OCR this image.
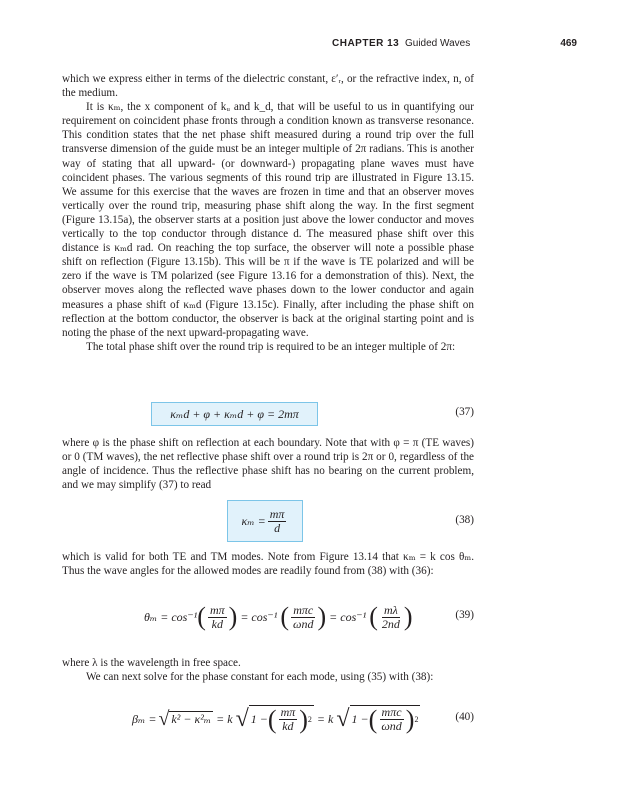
CHAPTER 13 Guided Waves	469

which we express either in terms of the dielectric constant, ε′ᵣ, or the refractive index, n, of the medium.

It is κₘ, the x component of kᵤ and k_d, that will be useful to us in quantifying our requirement on coincident phase fronts through a condition known as transverse resonance. This condition states that the net phase shift measured during a round trip over the full transverse dimension of the guide must be an integer multiple of 2π radians. This is another way of stating that all upward- (or downward-) propagating plane waves must have coincident phases. The various segments of this round trip are illustrated in Figure 13.15. We assume for this exercise that the waves are frozen in time and that an observer moves vertically over the round trip, measuring phase shift along the way. In the first segment (Figure 13.15a), the observer starts at a position just above the lower conductor and moves vertically to the top conductor through distance d. The measured phase shift over this distance is κₘd rad. On reaching the top surface, the observer will note a possible phase shift on reflection (Figure 13.15b). This will be π if the wave is TE polarized and will be zero if the wave is TM polarized (see Figure 13.16 for a demonstration of this). Next, the observer moves along the reflected wave phases down to the lower conductor and again measures a phase shift of κₘd (Figure 13.15c). Finally, after including the phase shift on reflection at the bottom conductor, the observer is back at the original starting point and is noting the phase of the next upward-propagating wave.

The total phase shift over the round trip is required to be an integer multiple of 2π:

κₘd + φ + κₘd + φ = 2mπ	(37)

where φ is the phase shift on reflection at each boundary. Note that with φ = π (TE waves) or 0 (TM waves), the net reflective phase shift over a round trip is 2π or 0, regardless of the angle of incidence. Thus the reflective phase shift has no bearing on the current problem, and we may simplify (37) to read

$\kappa_m = \frac{m\pi}{d}$	(38)

which is valid for both TE and TM modes. Note from Figure 13.14 that κₘ = k cos θₘ. Thus the wave angles for the allowed modes are readily found from (38) with (36):

θₘ = cos⁻¹ ( $\frac{m\pi}{kd}$ ) = cos⁻¹ ( $\frac{\text{mπc}}{\text{ωnd}}$ ) = cos⁻¹ ( $\frac{m\lambda}{2nd}$ )	(39)

where λ is the wavelength in free space.

We can next solve for the phase constant for each mode, using (35) with (38):

βₘ = √ k² − κ²ₘ = k √ 1 − ( $\frac{m\pi}{kd}$ ) 2 = k √ 1 − ( $\frac{\text{mπc}}{\text{ωnd}}$ ) 2	(40)
